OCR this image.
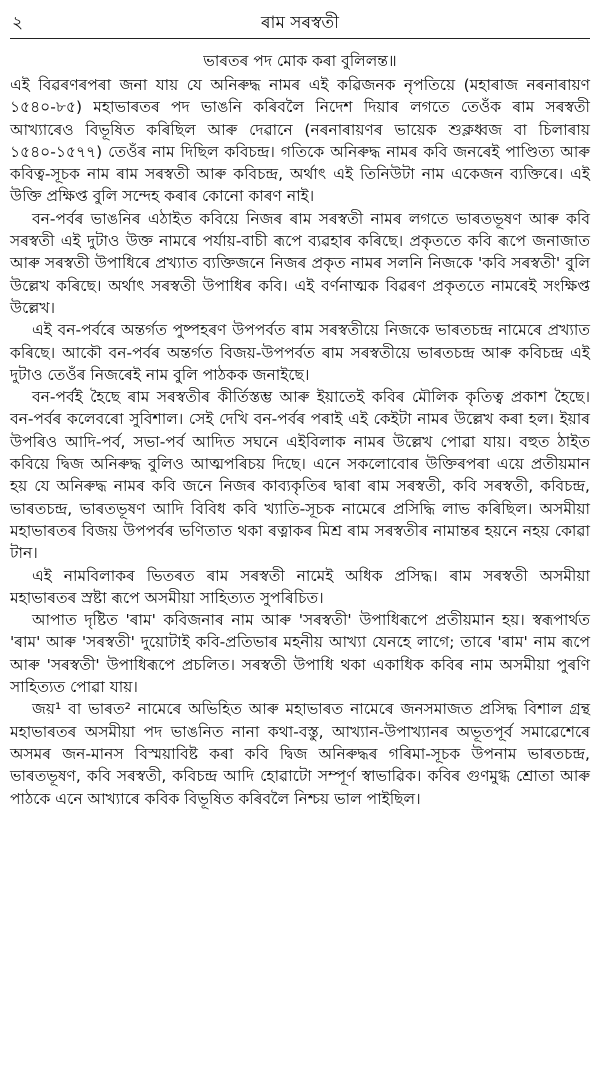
২	ৰাম সৰস্বতী

ভাৰতৰ পদ মোক কৰা বুলিলন্ত॥

এই বিৱৰণৰপৰা জনা যায় যে অনিৰুদ্ধ নামৰ এই কৱিজনক নৃপতিয়ে (মহাৰাজ নৰনাৰায়ণ ১৫৪০-৮৫) মহাভাৰতৰ পদ ভাঙনি কৰিবলৈ নিদেশ দিয়াৰ লগতে তেওঁক ৰাম সৰস্বতী আখ্যাৰেও বিভূষিত কৰিছিল আৰু দেৱানে (নৰনাৰায়ণৰ ভায়েক শুক্লধ্বজ বা চিলাৰায় ১৫৪০-১৫৭৭) তেওঁৰ নাম দিছিল কবিচন্দ্ৰ। গতিকে অনিৰুদ্ধ নামৰ কবি জনৰেই পাণ্ডিত্য আৰু কবিত্ব-সূচক নাম ৰাম সৰস্বতী আৰু কবিচন্দ্ৰ, অৰ্থাৎ এই তিনিউটা নাম একেজন ব্যক্তিৰে। এই উক্তি প্ৰক্ষিপ্ত বুলি সন্দেহ কৰাৰ কোনো কাৰণ নাই।

বন-পৰ্বৰ ভাঙনিৰ এঠাইত কবিয়ে নিজৰ ৰাম সৰস্বতী নামৰ লগতে ভাৰতভূষণ আৰু কবি সৰস্বতী এই দুটাও উক্ত নামৰে পৰ্যায়-বাচী ৰূপে ব্যৱহাৰ কৰিছে। প্ৰকৃততে কবি ৰূপে জনাজাত আৰু সৰস্বতী উপাধিৰে প্ৰখ্যাত ব্যক্তিজনে নিজৰ প্ৰকৃত নামৰ সলনি নিজকে 'কবি সৰস্বতী' বুলি উল্লেখ কৰিছে। অৰ্থাৎ সৰস্বতী উপাধিৰ কবি। এই বৰ্ণনাত্মক বিৱৰণ প্ৰকৃততে নামৰেই সংক্ষিপ্ত উল্লেখ।

এই বন-পৰ্বৰে অন্তৰ্গত পুষ্পহৰণ উপপৰ্বত ৰাম সৰস্বতীয়ে নিজকে ভাৰতচন্দ্ৰ নামেৰে প্ৰখ্যাত কৰিছে। আকৌ বন-পৰ্বৰ অন্তৰ্গত বিজয়-উপপৰ্বত ৰাম সৰস্বতীয়ে ভাৰতচন্দ্ৰ আৰু কবিচন্দ্ৰ এই দুটাও তেওঁৰ নিজৰেই নাম বুলি পাঠকক জনাইছে।

বন-পৰ্বই হৈছে ৰাম সৰস্বতীৰ কীৰ্তিস্তম্ভ আৰু ইয়াতেই কবিৰ মৌলিক কৃতিত্ব প্ৰকাশ হৈছে। বন-পৰ্বৰ কলেবৰো সুবিশাল। সেই দেখি বন-পৰ্বৰ পৰাই এই কেইটা নামৰ উল্লেখ কৰা হল। ইয়াৰ উপৰিও আদি-পৰ্ব, সভা-পৰ্ব আদিত সঘনে এইবিলাক নামৰ উল্লেখ পোৱা যায়। বহুত ঠাইত কবিয়ে দ্বিজ অনিৰুদ্ধ বুলিও আত্মপৰিচয় দিছে। এনে সকলোবোৰ উক্তিৰপৰা এয়ে প্ৰতীয়মান হয় যে অনিৰুদ্ধ নামৰ কবি জনে নিজৰ কাব্যকৃতিৰ দ্বাৰা ৰাম সৰস্বতী, কবি সৰস্বতী, কবিচন্দ্ৰ, ভাৰতচন্দ্ৰ, ভাৰতভূষণ আদি বিবিধ কবি খ্যাতি-সূচক নামেৰে প্ৰসিদ্ধি লাভ কৰিছিল। অসমীয়া মহাভাৰতৰ বিজয় উপপৰ্বৰ ভণিতাত থকা ৰত্নাকৰ মিশ্ৰ ৰাম সৰস্বতীৰ নামান্তৰ হয়নে নহয় কোৱা টান।

এই নামবিলাকৰ ভিতৰত ৰাম সৰস্বতী নামেই অধিক প্ৰসিদ্ধ। ৰাম সৰস্বতী অসমীয়া মহাভাৰতৰ স্ৰষ্টা ৰূপে অসমীয়া সাহিত্যত সুপৰিচিত।

আপাত দৃষ্টিত 'ৰাম' কবিজনাৰ নাম আৰু 'সৰস্বতী' উপাধিৰূপে প্ৰতীয়মান হয়। স্বৰূপাৰ্থত 'ৰাম' আৰু 'সৰস্বতী' দুয়োটাই কবি-প্ৰতিভাৰ মহনীয় আখ্যা যেনহে লাগে; তাৰে 'ৰাম' নাম ৰূপে আৰু 'সৰস্বতী' উপাধিৰূপে প্ৰচলিত। সৰস্বতী উপাধি থকা একাধিক কবিৰ নাম অসমীয়া পুৰণি সাহিত্যত পোৱা যায়।

জয়¹ বা ভাৰত² নামেৰে অভিহিত আৰু মহাভাৰত নামেৰে জনসমাজত প্ৰসিদ্ধ বিশাল গ্ৰন্থ মহাভাৰতৰ অসমীয়া পদ ভাঙনিত নানা কথা-বস্তু, আখ্যান-উপাখ্যানৰ অভূতপূৰ্ব সমাৱেশেৰে অসমৰ জন-মানস বিস্ময়াবিষ্ট কৰা কবি দ্বিজ অনিৰুদ্ধৰ গৰিমা-সূচক উপনাম ভাৰতচন্দ্ৰ, ভাৰতভূষণ, কবি সৰস্বতী, কবিচন্দ্ৰ আদি হোৱাটো সম্পূৰ্ণ স্বাভাৱিক। কবিৰ গুণমুগ্ধ শ্ৰোতা আৰু পাঠকে এনে আখ্যাৰে কবিক বিভূষিত কৰিবলৈ নিশ্চয় ভাল পাইছিল।
